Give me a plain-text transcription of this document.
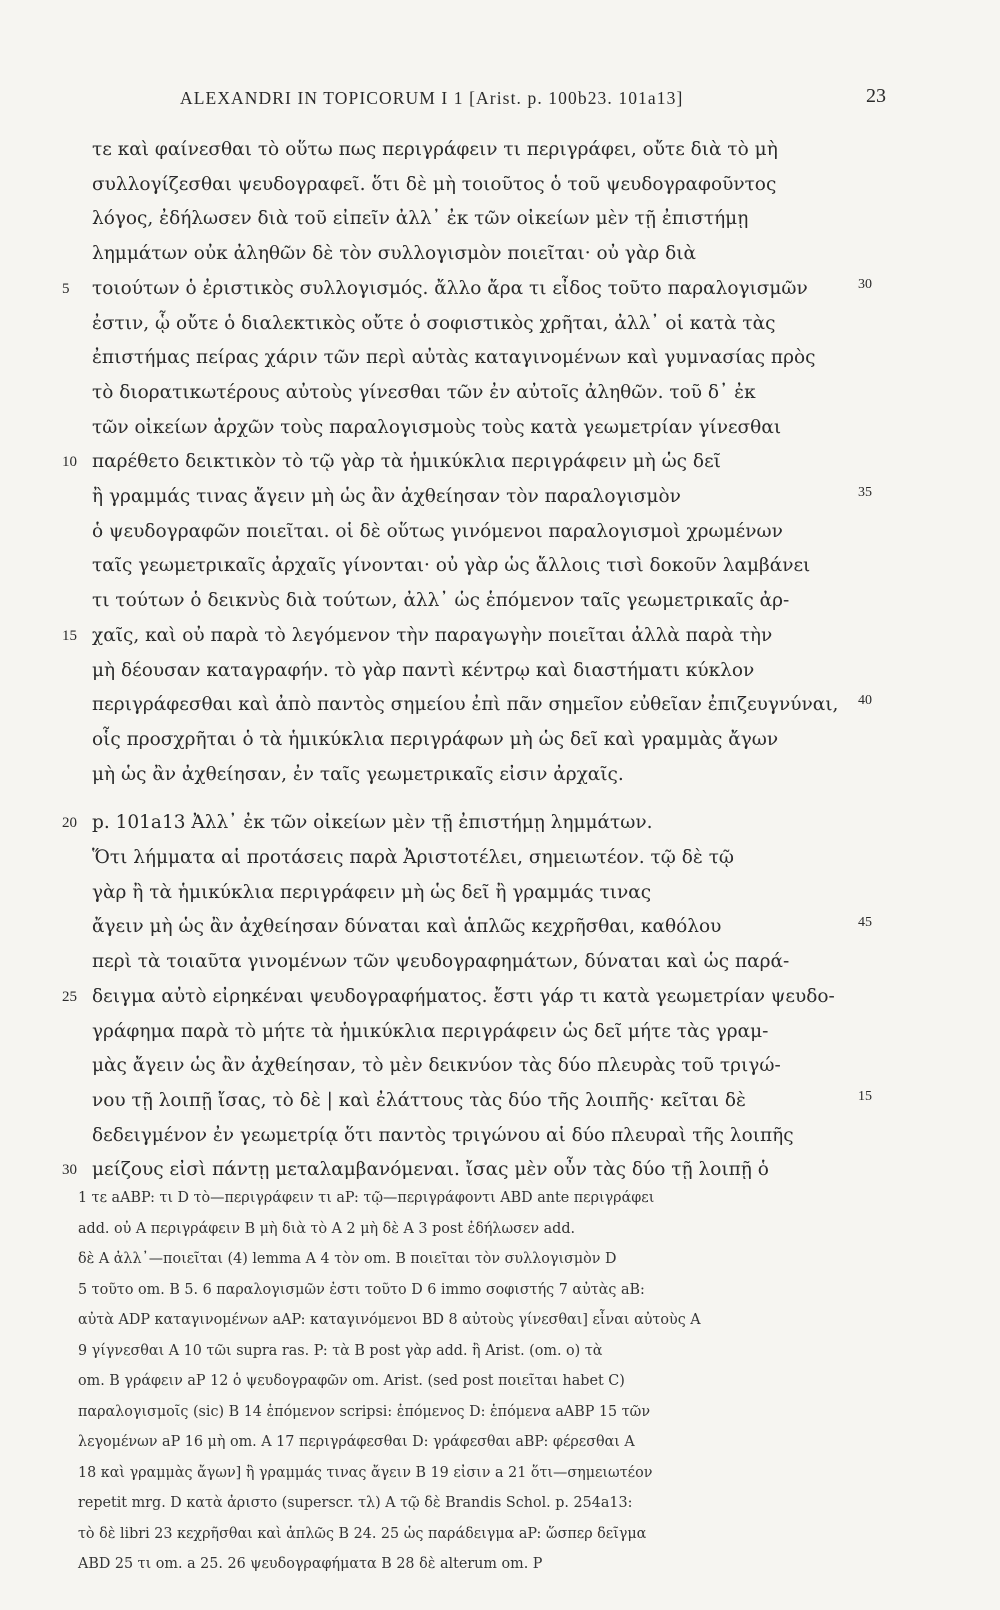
ALEXANDRI IN TOPICORUM I 1 [Arist. p. 100b23. 101a13]	23
τε καὶ φαίνεσθαι τὸ οὕτω πως περιγράφειν τι περιγράφει, οὔτε διὰ τὸ μὴ
συλλογίζεσθαι ψευδογραφεῖ. ὅτι δὲ μὴ τοιοῦτος ὁ τοῦ ψευδογραφοῦντος
λόγος, ἐδήλωσεν διὰ τοῦ εἰπεῖν ἀλλ᾽ ἐκ τῶν οἰκείων μὲν τῇ ἐπιστήμῃ
λημμάτων οὐκ ἀληθῶν δὲ τὸν συλλογισμὸν ποιεῖται· οὐ γὰρ διὰ
τοιούτων ὁ ἐριστικὸς συλλογισμός. ἄλλο ἄρα τι εἶδος τοῦτο παραλογισμῶν
5	30
ἐστιν, ᾧ οὔτε ὁ διαλεκτικὸς οὔτε ὁ σοφιστικὸς χρῆται, ἀλλ᾽ οἱ κατὰ τὰς
ἐπιστήμας πείρας χάριν τῶν περὶ αὐτὰς καταγινομένων καὶ γυμνασίας πρὸς
τὸ διορατικωτέρους αὐτοὺς γίνεσθαι τῶν ἐν αὐτοῖς ἀληθῶν. τοῦ δ᾽ ἐκ
τῶν οἰκείων ἀρχῶν τοὺς παραλογισμοὺς τοὺς κατὰ γεωμετρίαν γίνεσθαι
παρέθετο δεικτικὸν τὸ τῷ γὰρ τὰ ἡμικύκλια περιγράφειν μὴ ὡς δεῖ
10
ἢ γραμμάς τινας ἄγειν μὴ ὡς ἂν ἀχθείησαν τὸν παραλογισμὸν	35
ὁ ψευδογραφῶν ποιεῖται. οἱ δὲ οὕτως γινόμενοι παραλογισμοὶ χρωμένων
ταῖς γεωμετρικαῖς ἀρχαῖς γίνονται· οὐ γὰρ ὡς ἄλλοις τισὶ δοκοῦν λαμβάνει
τι τούτων ὁ δεικνὺς διὰ τούτων, ἀλλ᾽ ὡς ἑπόμενον ταῖς γεωμετρικαῖς ἀρ-
χαῖς, καὶ οὐ παρὰ τὸ λεγόμενον τὴν παραγωγὴν ποιεῖται ἀλλὰ παρὰ τὴν
15
μὴ δέουσαν καταγραφήν. τὸ γὰρ παντὶ κέντρῳ καὶ διαστήματι κύκλον
περιγράφεσθαι καὶ ἀπὸ παντὸς σημείου ἐπὶ πᾶν σημεῖον εὐθεῖαν ἐπιζευγνύναι,	40
οἷς προσχρῆται ὁ τὰ ἡμικύκλια περιγράφων μὴ ὡς δεῖ καὶ γραμμὰς ἄγων
μὴ ὡς ἂν ἀχθείησαν, ἐν ταῖς γεωμετρικαῖς εἰσιν ἀρχαῖς.
p. 101a13 Ἀλλ᾽ ἐκ τῶν οἰκείων μὲν τῇ ἐπιστήμῃ λημμάτων.
20
Ὅτι λήμματα αἱ προτάσεις παρὰ Ἀριστοτέλει, σημειωτέον. τῷ δὲ τῷ
γὰρ ἢ τὰ ἡμικύκλια περιγράφειν μὴ ὡς δεῖ ἢ γραμμάς τινας
ἄγειν μὴ ὡς ἂν ἀχθείησαν δύναται καὶ ἁπλῶς κεχρῆσθαι, καθόλου	45
περὶ τὰ τοιαῦτα γινομένων τῶν ψευδογραφημάτων, δύναται καὶ ὡς παρά-
δειγμα αὐτὸ εἰρηκέναι ψευδογραφήματος. ἔστι γάρ τι κατὰ γεωμετρίαν ψευδο-
25
γράφημα παρὰ τὸ μήτε τὰ ἡμικύκλια περιγράφειν ὡς δεῖ μήτε τὰς γραμ-
μὰς ἄγειν ὡς ἂν ἀχθείησαν, τὸ μὲν δεικνύον τὰς δύο πλευρὰς τοῦ τριγώ-
νου τῇ λοιπῇ ἴσας, τὸ δὲ | καὶ ἐλάττους τὰς δύο τῆς λοιπῆς· κεῖται δὲ	15
δεδειγμένον ἐν γεωμετρίᾳ ὅτι παντὸς τριγώνου αἱ δύο πλευραὶ τῆς λοιπῆς
μείζους εἰσὶ πάντῃ μεταλαμβανόμεναι. ἴσας μὲν οὖν τὰς δύο τῇ λοιπῇ ὁ
30
1 τε aABP: τι D τὸ—περιγράφειν τι aP: τῷ—περιγράφοντι ABD ante περιγράφει
add. οὐ A περιγράφειν B μὴ διὰ τὸ A 2 μὴ δὲ A 3 post ἐδήλωσεν add.
δὲ A ἀλλ᾽—ποιεῖται (4) lemma A 4 τὸν om. B ποιεῖται τὸν συλλογισμὸν D
5 τοῦτο om. B 5. 6 παραλογισμῶν ἐστι τοῦτο D 6 immo σοφιστής 7 αὐτὰς aB:
αὐτὰ ADP καταγινομένων aAP: καταγινόμενοι BD 8 αὐτοὺς γίνεσθαι] εἶναι αὐτοὺς A
9 γίγνεσθαι A 10 τῶι supra ras. P: τὰ B post γὰρ add. ἢ Arist. (om. o) τὰ
om. B γράφειν aP 12 ὁ ψευδογραφῶν om. Arist. (sed post ποιεῖται habet C)
παραλογισμοῖς (sic) B 14 ἑπόμενον scripsi: ἑπόμενος D: ἑπόμενα aABP 15 τῶν
λεγομένων aP 16 μὴ om. A 17 περιγράφεσθαι D: γράφεσθαι aBP: φέρεσθαι A
18 καὶ γραμμὰς ἄγων] ἢ γραμμάς τινας ἄγειν B 19 εἰσιν a 21 ὅτι—σημειωτέον
repetit mrg. D κατὰ ἀριστο (superscr. τλ) A τῷ δὲ Brandis Schol. p. 254a13:
τὸ δὲ libri 23 κεχρῆσθαι καὶ ἁπλῶς B 24. 25 ὡς παράδειγμα aP: ὥσπερ δεῖγμα
ABD 25 τι om. a 25. 26 ψευδογραφήματα B 28 δὲ alterum om. P
